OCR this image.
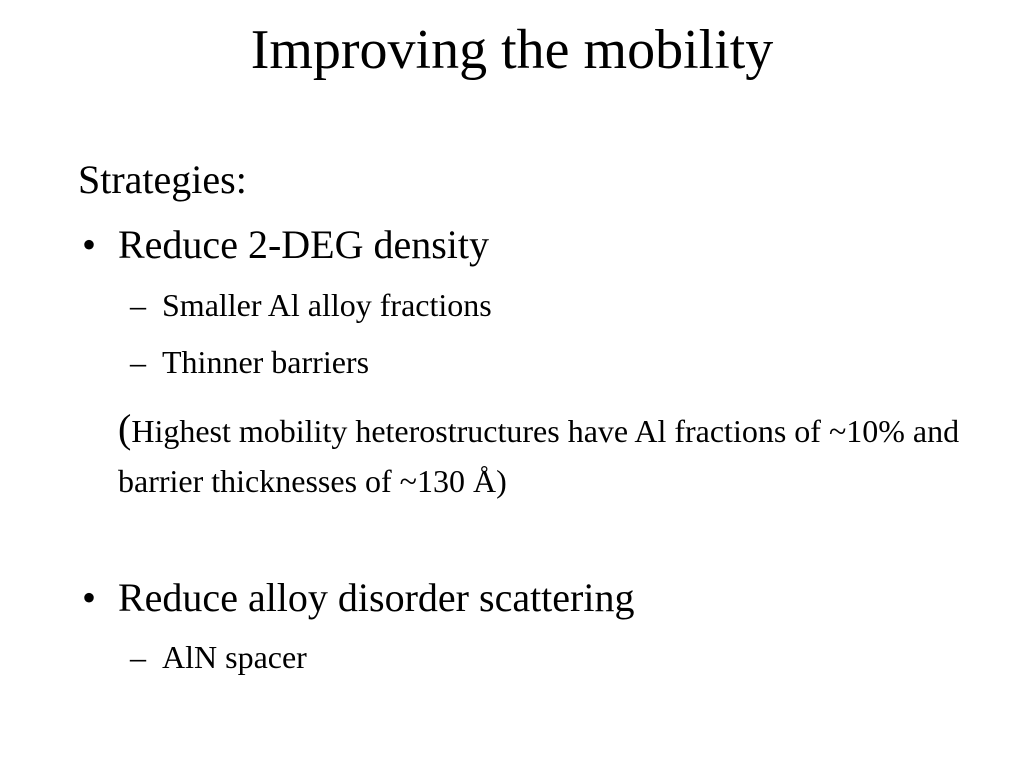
Improving the mobility
Strategies:
• Reduce 2-DEG density
– Smaller Al alloy fractions
– Thinner barriers
(Highest mobility heterostructures have Al fractions of ~10% and barrier thicknesses of ~130 Å)
• Reduce alloy disorder scattering
– AlN spacer
